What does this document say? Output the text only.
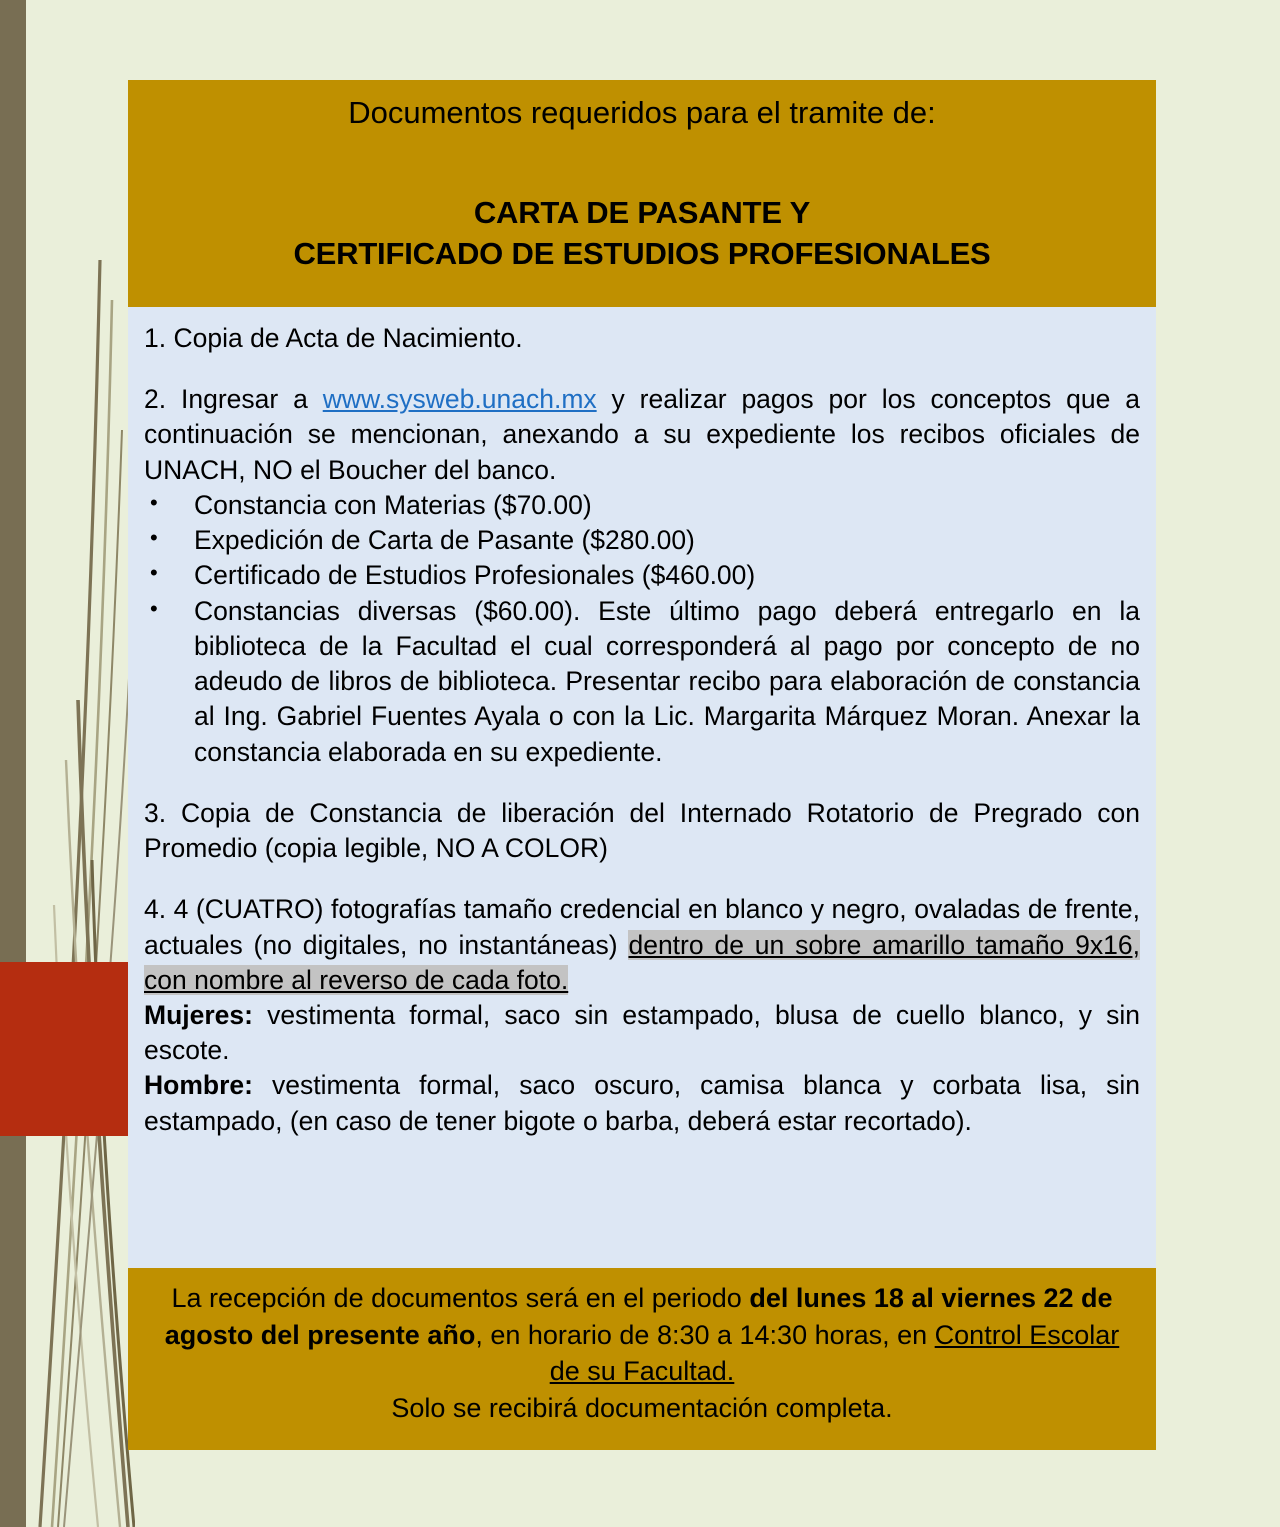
Documentos requeridos para el tramite de:

CARTA DE PASANTE Y

CERTIFICADO DE ESTUDIOS PROFESIONALES

1. Copia de Acta de Nacimiento.

2. Ingresar a www.sysweb.unach.mx y realizar pagos por los conceptos que a continuación se mencionan, anexando a su expediente los recibos oficiales de UNACH, NO el Boucher del banco.

• Constancia con Materias ($70.00)
• Expedición de Carta de Pasante ($280.00)
• Certificado de Estudios Profesionales ($460.00)
• Constancias diversas ($60.00). Este último pago deberá entregarlo en la biblioteca de la Facultad el cual corresponderá al pago por concepto de no adeudo de libros de biblioteca. Presentar recibo para elaboración de constancia al Ing. Gabriel Fuentes Ayala o con la Lic. Margarita Márquez Moran. Anexar la constancia elaborada en su expediente.

3. Copia de Constancia de liberación del Internado Rotatorio de Pregrado con Promedio (copia legible, NO A COLOR)

4. 4 (CUATRO) fotografías tamaño credencial en blanco y negro, ovaladas de frente, actuales (no digitales, no instantáneas) dentro de un sobre amarillo tamaño 9x16, con nombre al reverso de cada foto.

Mujeres: vestimenta formal, saco sin estampado, blusa de cuello blanco, y sin escote.

Hombre: vestimenta formal, saco oscuro, camisa blanca y corbata lisa, sin estampado, (en caso de tener bigote o barba, deberá estar recortado).

La recepción de documentos será en el periodo del lunes 18 al viernes 22 de agosto del presente año, en horario de 8:30 a 14:30 horas, en Control Escolar de su Facultad.

Solo se recibirá documentación completa.
